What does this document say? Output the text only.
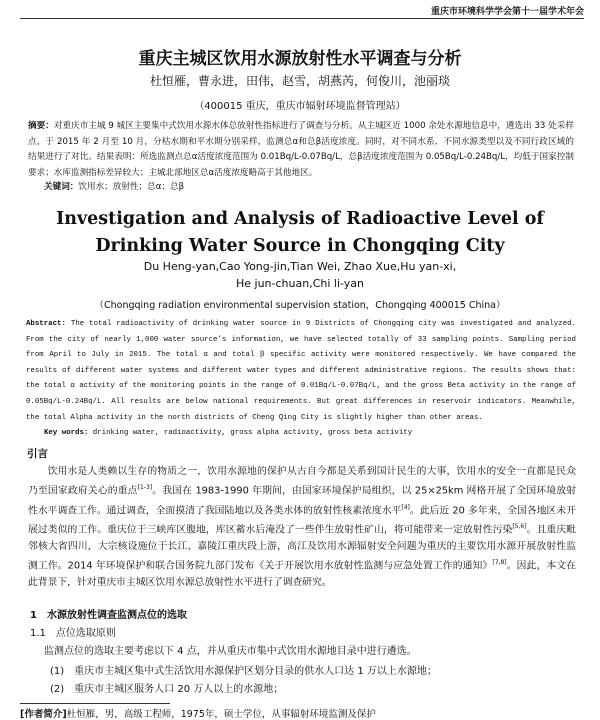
重庆市环境科学学会第十一届学术年会
重庆主城区饮用水源放射性水平调查与分析
杜恒雁，曹永进，田伟，赵雪，胡燕芮，何俊川，池丽琰
（400015 重庆，重庆市辐射环境监督管理站）
摘要：对重庆市主城 9 城区主要集中式饮用水源水体总放射性指标进行了调查与分析。从主城区近 1000 余处水源地信息中，遴选出 33 处采样点，于 2015 年 2 月至 10 月，分枯水期和平水期分别采样，监测总α和总β活度浓度。同时，对不同水系、不同水源类型以及不同行政区域的结果进行了对比。结果表明：所选监测点总α活度浓度范围为 0.01Bq/L-0.07Bq/L，总β活度浓度范围为 0.05Bq/L-0.24Bq/L，均低于国家控制要求；水库监测指标差异较大；主城北部地区总α活度浓度略高于其他地区。
关键词：饮用水；放射性；总α；总β
Investigation and Analysis of Radioactive Level of
Drinking Water Source in Chongqing City
Du Heng-yan,Cao Yong-jin,Tian Wei, Zhao Xue,Hu yan-xi,
He jun-chuan,Chi li-yan
（Chongqing radiation environmental supervision station，Chongqing 400015 China）
Abstract: The total radioactivity of drinking water source in 9 Districts of Chongqing city was investigated and analyzed. From the city of nearly 1,000 water source’s information, we have selected totally of 33 sampling points. Sampling period from April to July in 2015. The total α and total β specific activity were monitored respectively. We have compared the results of different water systems and different water types and different administrative regions. The results shows that: the total α activity of the monitoring points in the range of 0.01Bq/L-0.07Bq/L, and the gross Beta activity in the range of 0.05Bq/L-0.24Bq/L. All results are below national requirements. But great differences in reservoir indicators. Meanwhile, the total Alpha activity in the north districts of Cheng Qing City is slightly higher than other areas.
Key words: drinking water, radioactivity, gross alpha activity, gross beta activity
引言
饮用水是人类赖以生存的物质之一，饮用水源地的保护从古自今都是关系到国计民生的大事，饮用水的安全一直都是民众乃至国家政府关心的重点[1-3]。我国在 1983-1990 年期间，由国家环境保护局组织，以 25×25km 网格开展了全国环境放射性水平调查工作。通过调查，全面摸清了我国陆地以及各类水体的放射性核素浓度水平[4]。此后近 20 多年来，全国各地区未开展过类似的工作。重庆位于三峡库区腹地，库区蓄水后淹没了一些伴生放射性矿山，将可能带来一定放射性污染[5,6]。且重庆毗邻核大省四川，大宗核设施位于长江、嘉陵江重庆段上游，高江及饮用水源辐射安全问题为重庆的主要饮用水源开展放射性监测工作。2014 年环境保护和联合国务院九部门发布《关于开展饮用水放射性监测与应急处置工作的通知》[7,8]。因此，本文在此背景下，针对重庆市主城区饮用水源总放射性水平进行了调查研究。
1　水源放射性调查监测点位的选取
1.1　点位选取原则
监测点位的选取主要考虑以下 4 点，并从重庆市集中式饮用水源地目录中进行遴选。
(1)　重庆市主城区集中式生活饮用水源保护区划分目录的供水人口达 1 万以上水源地；
(2)　重庆市主城区服务人口 20 万人以上的水源地；
[作者简介]杜恒雁，男，高级工程师，1975年，硕士学位，从事辐射环境监测及保护
